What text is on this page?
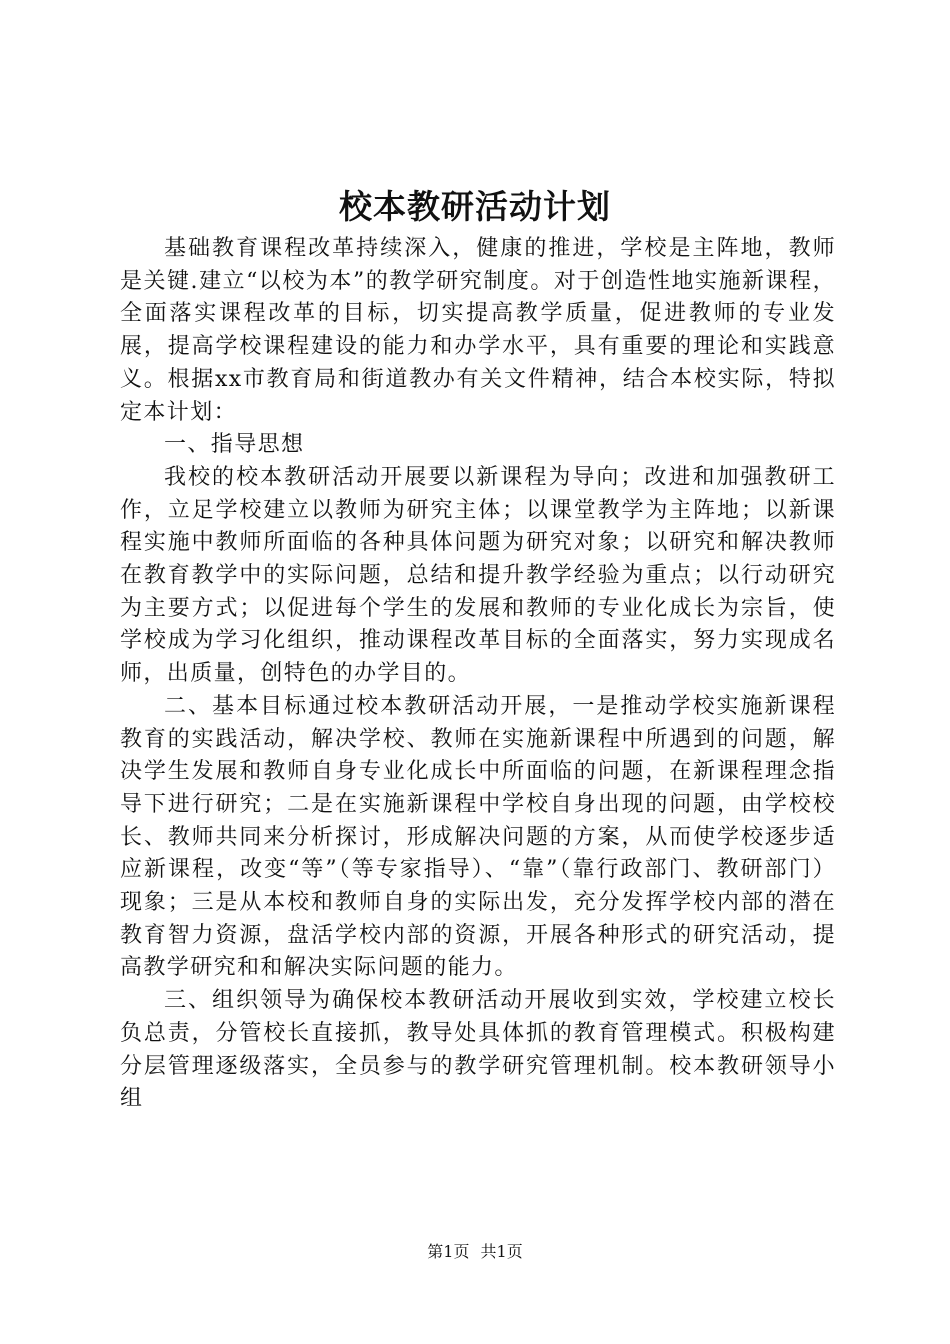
校本教研活动计划

基础教育课程改革持续深入，健康的推进，学校是主阵地，教师是关键.建立“以校为本”的教学研究制度。对于创造性地实施新课程，全面落实课程改革的目标，切实提高教学质量，促进教师的专业发展，提高学校课程建设的能力和办学水平，具有重要的理论和实践意义。根据xx市教育局和街道教办有关文件精神，结合本校实际，特拟定本计划：

一、指导思想

我校的校本教研活动开展要以新课程为导向；改进和加强教研工作，立足学校建立以教师为研究主体；以课堂教学为主阵地；以新课程实施中教师所面临的各种具体问题为研究对象；以研究和解决教师在教育教学中的实际问题，总结和提升教学经验为重点；以行动研究为主要方式；以促进每个学生的发展和教师的专业化成长为宗旨，使学校成为学习化组织，推动课程改革目标的全面落实，努力实现成名师，出质量，创特色的办学目的。

二、基本目标通过校本教研活动开展，一是推动学校实施新课程教育的实践活动，解决学校、教师在实施新课程中所遇到的问题，解决学生发展和教师自身专业化成长中所面临的问题，在新课程理念指导下进行研究；二是在实施新课程中学校自身出现的问题，由学校校长、教师共同来分析探讨，形成解决问题的方案，从而使学校逐步适应新课程，改变“等”（等专家指导）、“靠”（靠行政部门、教研部门）现象；三是从本校和教师自身的实际出发，充分发挥学校内部的潜在教育智力资源，盘活学校内部的资源，开展各种形式的研究活动，提高教学研究和和解决实际问题的能力。

三、组织领导为确保校本教研活动开展收到实效，学校建立校长负总责，分管校长直接抓，教导处具体抓的教育管理模式。积极构建分层管理逐级落实，全员参与的教学研究管理机制。校本教研领导小组

第1页 共1页
